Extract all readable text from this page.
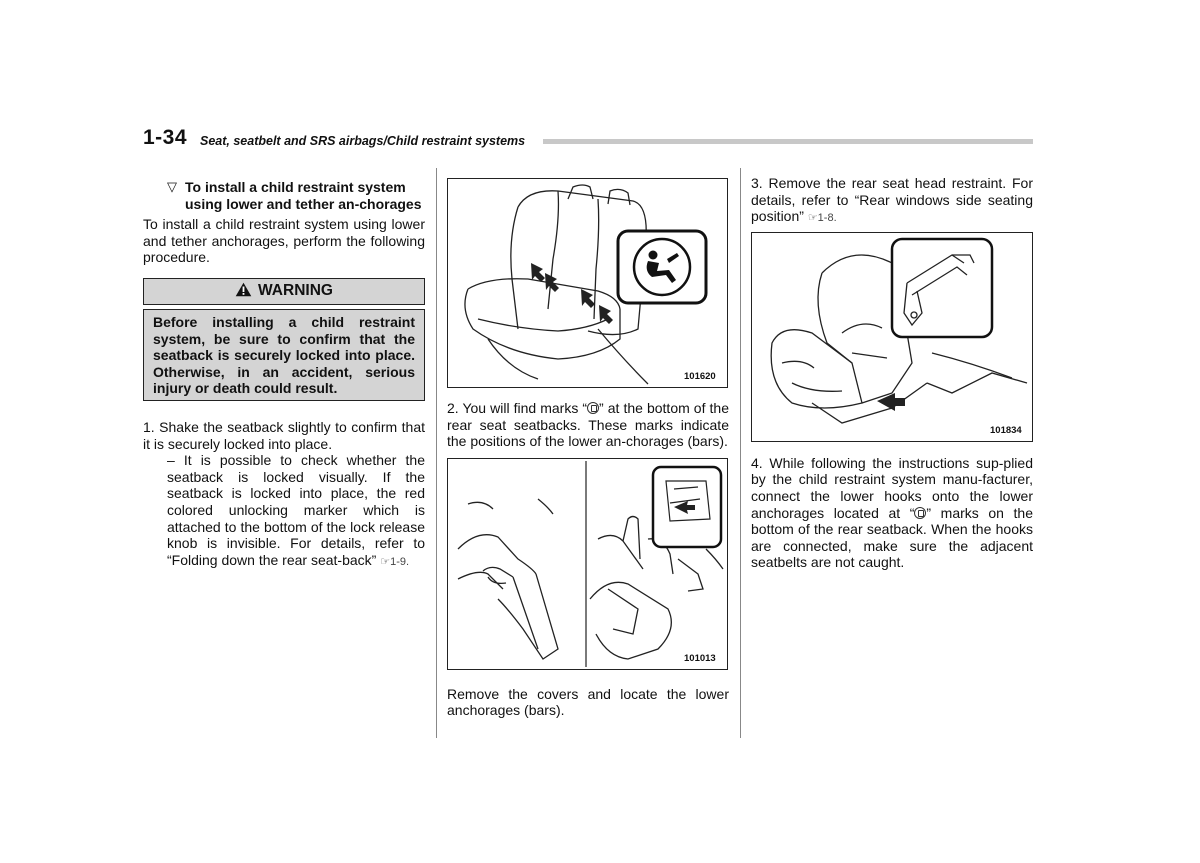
1-34 Seat, seatbelt and SRS airbags/Child restraint systems
▽ To install a child restraint system using lower and tether an-chorages

To install a child restraint system using lower and tether anchorages, perform the following procedure.

WARNING
Before installing a child restraint system, be sure to confirm that the seatback is securely locked into place. Otherwise, in an accident, serious injury or death could result.

1. Shake the seatback slightly to confirm that it is securely locked into place.

– It is possible to check whether the seatback is locked visually. If the seatback is locked into place, the red colored unlocking marker which is attached to the bottom of the lock release knob is invisible. For details, refer to “Folding down the rear seat-back” ☞1-9.

101620

2. You will find marks “ ” at the bottom of the rear seat seatbacks. These marks indicate the positions of the lower an-chorages (bars).

101013

Remove the covers and locate the lower anchorages (bars).

3. Remove the rear seat head restraint. For details, refer to “Rear windows side seating position” ☞1-8.

101834

4. While following the instructions sup-plied by the child restraint system manu-facturer, connect the lower hooks onto the lower anchorages located at “ ” marks on the bottom of the rear seatback. When the hooks are connected, make sure the adjacent seatbelts are not caught.
